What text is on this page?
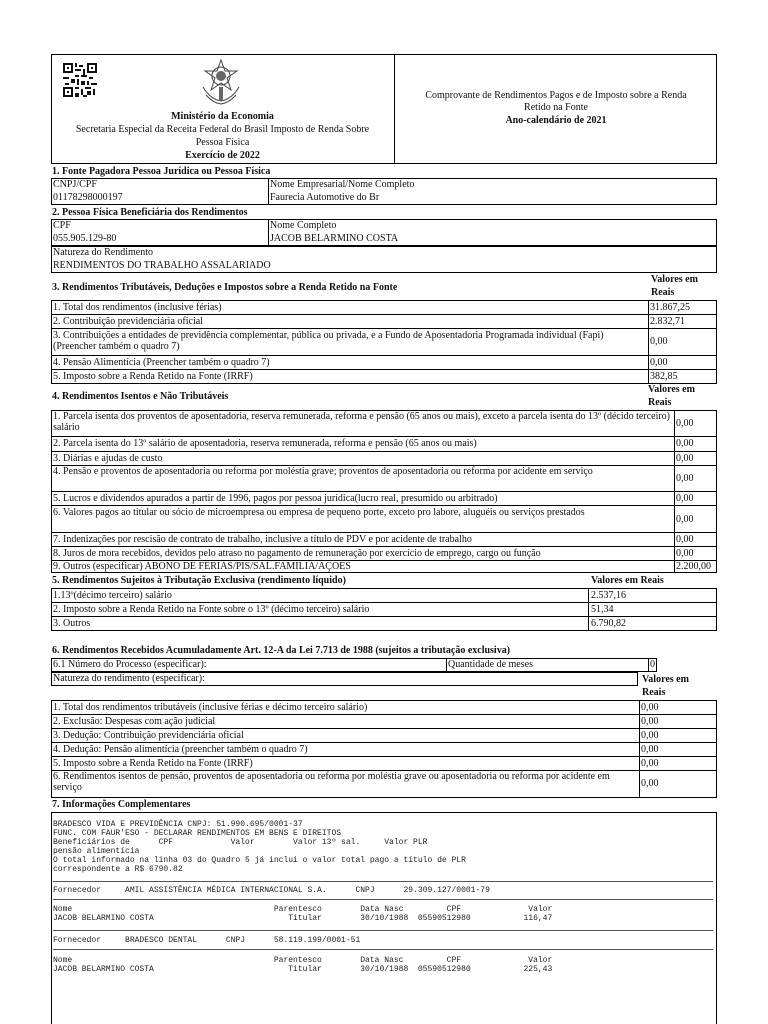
Ministério da Economia
Secretaria Especial da Receita Federal do Brasil Imposto de Renda Sobre
Pessoa Física
Exercício de 2022
Comprovante de Rendimentos Pagos e de Imposto sobre a Renda
Retido na Fonte
Ano-calendário de 2021
1. Fonte Pagadora Pessoa Jurídica ou Pessoa Física
CNPJ/CPF
01178298000197
Nome Empresarial/Nome Completo
Faurecia Automotive do Br
2. Pessoa Física Beneficiária dos Rendimentos
CPF
055.905.129-80
Nome Completo
JACOB BELARMINO COSTA
Natureza do Rendimento
RENDIMENTOS DO TRABALHO ASSALARIADO
3. Rendimentos Tributáveis, Deduções e Impostos sobre a Renda Retido na Fonte
Valores em
Reais
1. Total dos rendimentos (inclusive férias)	31.867,25
2. Contribuição previdenciária oficial	2.832,71
3. Contribuições a entidades de previdência complementar, pública ou privada, e a Fundo de Aposentadoria Programada individual (Fapi) (Preencher também o quadro 7)	0,00
4. Pensão Alimentícia (Preencher também o quadro 7)	0,00
5. Imposto sobre a Renda Retido na Fonte (IRRF)	382,85
4. Rendimentos Isentos e Não Tributáveis
Valores em
Reais
1. Parcela isenta dos proventos de aposentadoria, reserva remunerada, reforma e pensão (65 anos ou mais), exceto a parcela isenta do 13º (décido terceiro) salário	0,00
2. Parcela isenta do 13º salário de aposentadoria, reserva remunerada, reforma e pensão (65 anos ou mais)	0,00
3. Diárias e ajudas de custo	0,00
4. Pensão e proventos de aposentadoria ou reforma por moléstia grave; proventos de aposentadoria ou reforma por acidente em serviço
0,00
5. Lucros e dividendos apurados a partir de 1996, pagos por pessoa jurídica(lucro real, presumido ou arbitrado)	0,00
6. Valores pagos ao titular ou sócio de microempresa ou empresa de pequeno porte, exceto pro labore, aluguéis ou serviços prestados
0,00
7. Indenizações por rescisão de contrato de trabalho, inclusive a título de PDV e por acidente de trabalho	0,00
8. Juros de mora recebidos, devidos pelo atraso no pagamento de remuneração por exercício de emprego, cargo ou função	0,00
9. Outros (especificar) ABONO DE FÉRIAS/PIS/SAL.FAMILIA/AÇOES	2.200,00
5. Rendimentos Sujeitos à Tributação Exclusiva (rendimento líquido)	Valores em Reais
1.13º(décimo terceiro) salário	2.537,16
2. Imposto sobre a Renda Retido na Fonte sobre o 13º (décimo terceiro) salário	51,34
3. Outros	6.790,82
6. Rendimentos Recebidos Acumuladamente Art. 12-A da Lei 7.713 de 1988 (sujeitos a tributação exclusiva)
6.1 Número do Processo (especificar):	Quantidade de meses	0
Natureza do rendimento (especificar):	Valores em
Reais
1. Total dos rendimentos tributáveis (inclusive férias e décimo terceiro salário)	0,00
2. Exclusão: Despesas com ação judicial	0,00
3. Dedução: Contribuição previdenciária oficial	0,00
4. Dedução: Pensão alimentícia (preencher também o quadro 7)	0,00
5. Imposto sobre a Renda Retido na Fonte (IRRF)	0,00
6. Rendimentos isentos de pensão, proventos de aposentadoria ou reforma por moléstia grave ou aposentadoria ou reforma por acidente em serviço	0,00
7. Informações Complementares
BRADESCO VIDA E PREVIDÊNCIA CNPJ: 51.990.695/0001-37
FUNC. COM FAUR'ESO - DECLARAR RENDIMENTOS EM BENS E DIREITOS
Beneficiários de      CPF            Valor        Valor 13º sal.     Valor PLR
pensão alimentícia
O total informado na linha 03 do Quadro 5 já inclui o valor total pago a título de PLR
correspondente a R$ 6790.82
Fornecedor     AMIL ASSISTÊNCIA MÉDICA INTERNACIONAL S.A.      CNPJ      29.309.127/0001-79
Nome                                          Parentesco        Data Nasc         CPF              Valor
JACOB BELARMINO COSTA                            Titular        30/10/1988  05590512980           116,47
Fornecedor     BRADESCO DENTAL      CNPJ      58.119.199/0001-51
Nome                                          Parentesco        Data Nasc         CPF              Valor
JACOB BELARMINO COSTA                            Titular        30/10/1988  05590512980           225,43
